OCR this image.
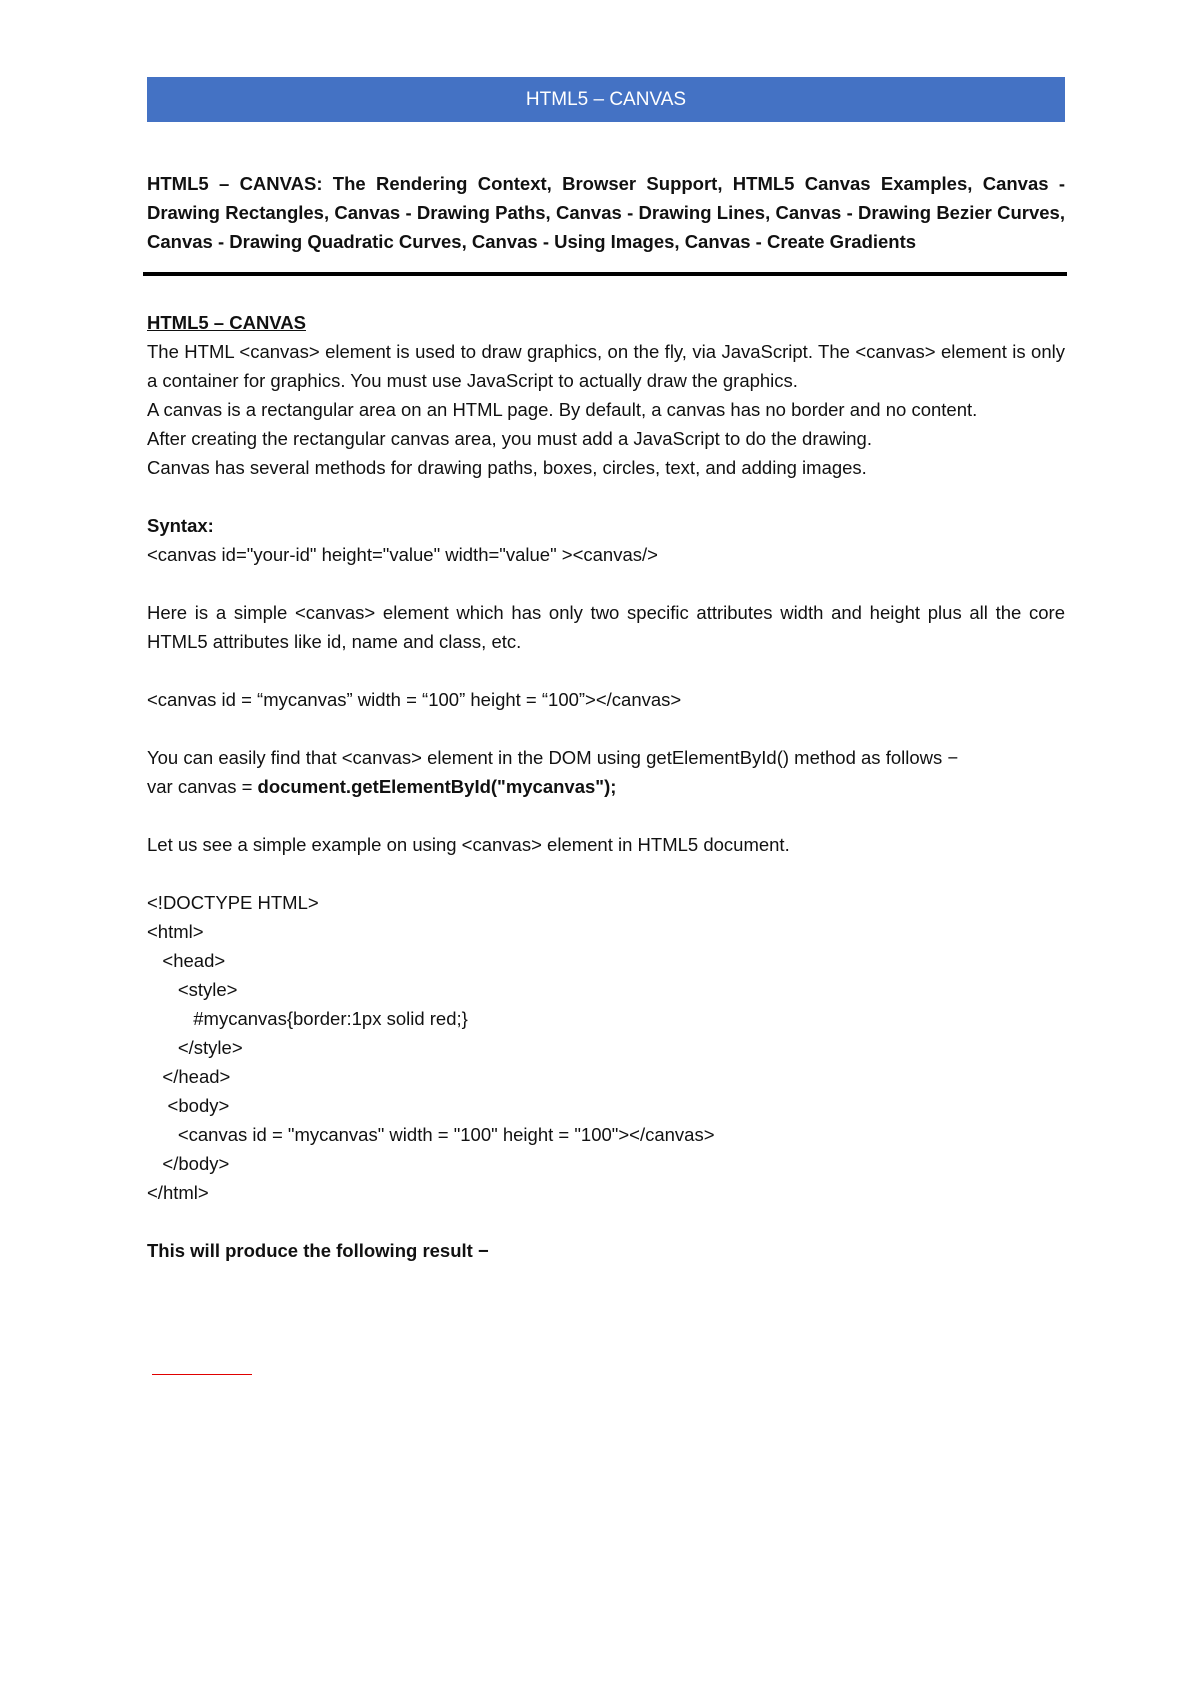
HTML5 – CANVAS

HTML5 – CANVAS: The Rendering Context, Browser Support, HTML5 Canvas Examples, Canvas - Drawing Rectangles, Canvas - Drawing Paths, Canvas - Drawing Lines, Canvas - Drawing Bezier Curves, Canvas - Drawing Quadratic Curves, Canvas - Using Images, Canvas - Create Gradients

HTML5 – CANVAS

The HTML <canvas> element is used to draw graphics, on the fly, via JavaScript. The <canvas> element is only a container for graphics. You must use JavaScript to actually draw the graphics.

A canvas is a rectangular area on an HTML page. By default, a canvas has no border and no content.

After creating the rectangular canvas area, you must add a JavaScript to do the drawing.

Canvas has several methods for drawing paths, boxes, circles, text, and adding images.

Syntax:

<canvas id="your-id" height="value" width="value" ><canvas/>

Here is a simple <canvas> element which has only two specific attributes width and height plus all the core HTML5 attributes like id, name and class, etc.

<canvas id = “mycanvas” width = “100” height = “100”></canvas>

You can easily find that <canvas> element in the DOM using getElementById() method as follows −

var canvas = document.getElementById("mycanvas");

Let us see a simple example on using <canvas> element in HTML5 document.

<!DOCTYPE HTML>

<html>

<head>

<style>

#mycanvas{border:1px solid red;}

</style>

</head>

<body>

<canvas id = "mycanvas" width = "100" height = "100"></canvas>

</body>

</html>

This will produce the following result −
